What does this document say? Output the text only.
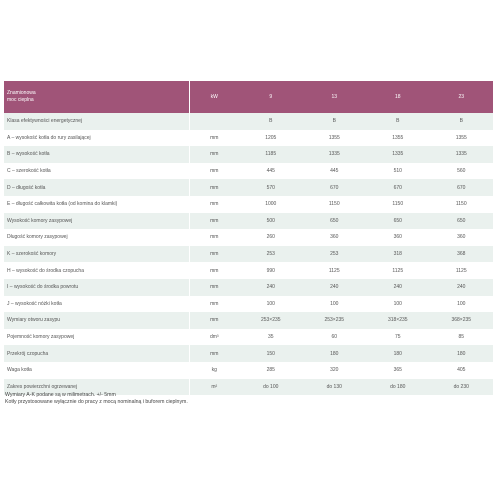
Znamionowa
moc cieplna	kW	9	13	18	23
Klasa efektywności energetycznej		B	B	B	B
A – wysokość kotła do rury zasilającej	mm	1205	1355	1355	1355
B – wysokość kotła	mm	1185	1335	1335	1335
C – szerokość kotła	mm	445	445	510	560
D – długość kotła	mm	570	670	670	670
E – długość całkowita kotła (od komina do klamki)	mm	1000	1150	1150	1150
Wysokość komory zasypowej	mm	500	650	650	650
Długość komory zasypowej	mm	260	360	360	360
K – szerokość komory	mm	253	253	318	368
H – wysokość do środka czopucha	mm	990	1125	1125	1125
I – wysokość do środka powrotu	mm	240	240	240	240
J – wysokość nóżki kotła	mm	100	100	100	100
Wymiary otworu zasypu	mm	253×235	253×235	318×235	368×235
Pojemność komory zasypowej	dm³	35	60	75	85
Przekrój czopucha	mm	150	180	180	180
Waga kotła	kg	285	320	365	405
Zakres powierzchni ogrzewanej	m²	do 100	do 130	do 180	do 230
Wymiary A-K podane są w milimetrach. +/- 5mm
Kotły przystosowane wyłącznie do pracy z mocą nominalną i buforem cieplnym.
